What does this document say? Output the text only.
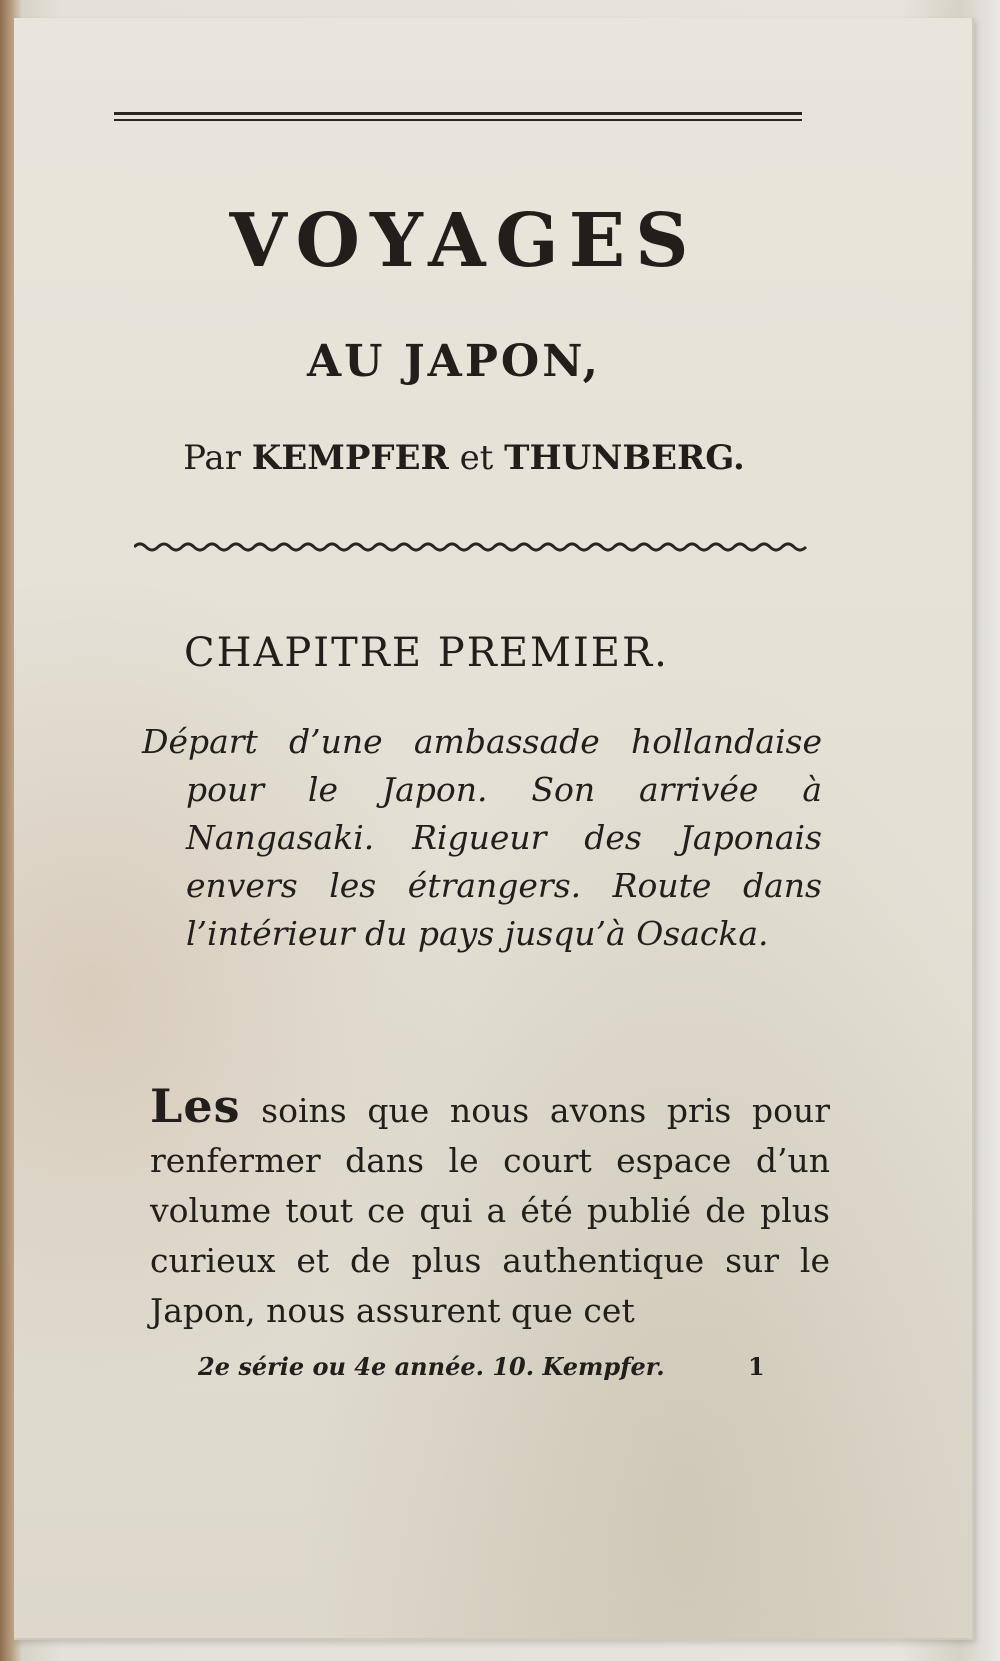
VOYAGES
AU JAPON,
Par KEMPFER et THUNBERG.
CHAPITRE PREMIER.

Départ d’une ambassade hollandaise pour le Japon. Son arrivée à Nangasaki. Rigueur des Japonais envers les étrangers. Route dans l’intérieur du pays jusqu’à Osacka.

Les soins que nous avons pris pour renfermer dans le court espace d’un volume tout ce qui a été publié de plus curieux et de plus authentique sur le Japon, nous assurent que cet
2e série ou 4e année. 10. Kempfer.	1
